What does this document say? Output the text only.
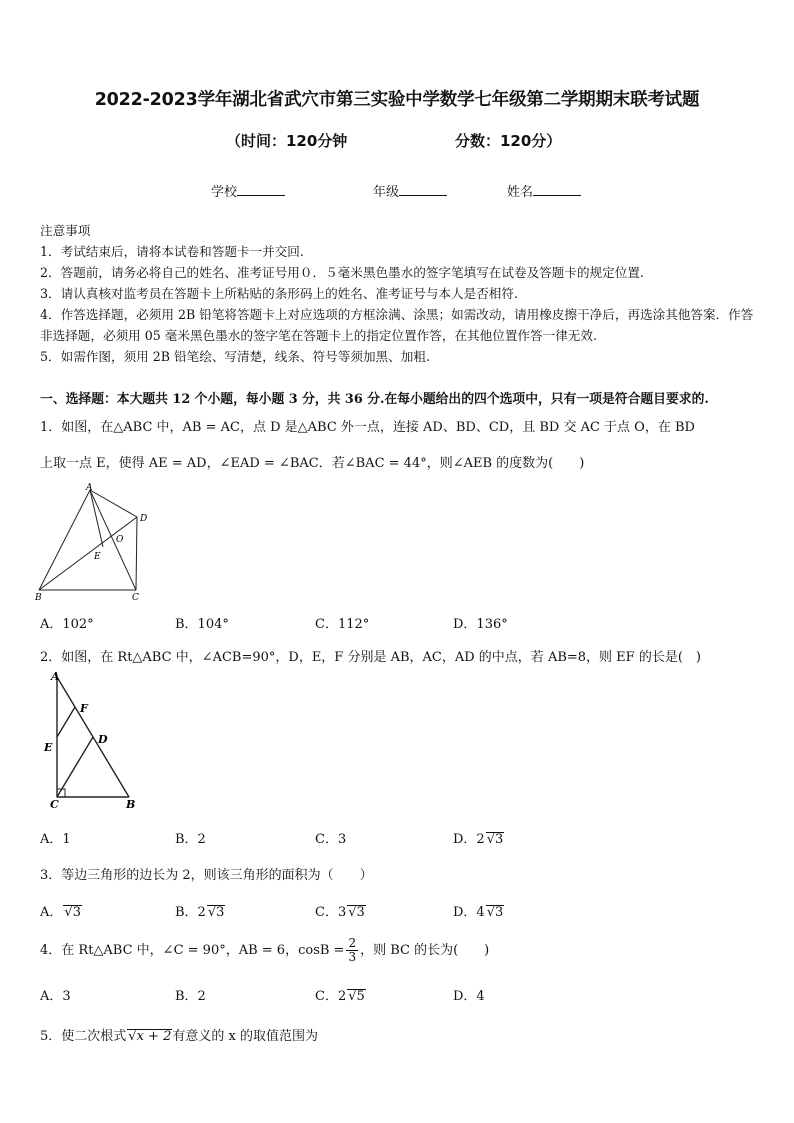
2022-2023学年湖北省武穴市第三实验中学数学七年级第二学期期末联考试题
（时间：120分钟	分数：120分）
学校	年级	姓名
注意事项
1．考试结束后，请将本试卷和答题卡一并交回.
2．答题前，请务必将自己的姓名、准考证号用０．５毫米黑色墨水的签字笔填写在试卷及答题卡的规定位置.
3．请认真核对监考员在答题卡上所粘贴的条形码上的姓名、准考证号与本人是否相符.
4．作答选择题，必须用 2B 铅笔将答题卡上对应选项的方框涂满、涂黑；如需改动，请用橡皮擦干净后，再选涂其他答案．作答非选择题，必须用 05 毫米黑色墨水的签字笔在答题卡上的指定位置作答，在其他位置作答一律无效.
5．如需作图，须用 2B 铅笔绘、写清楚，线条、符号等须加黑、加粗.
一、选择题：本大题共 12 个小题，每小题 3 分，共 36 分.在每小题给出的四个选项中，只有一项是符合题目要求的.
1．如图，在△ABC 中，AB = AC，点 D 是△ABC 外一点，连接 AD、BD、CD，且 BD 交 AC 于点 O，在 BD
上取一点 E，使得 AE = AD，∠EAD = ∠BAC．若∠BAC = 44°，则∠AEB 的度数为(　　)
A
D
O
E
B	C
A．102°	B．104°	C．112°	D．136°
2．如图，在 Rt△ABC 中，∠ACB=90°，D，E，F 分别是 AB，AC，AD 的中点，若 AB=8，则 EF 的长是(　)
A
F
D
E
C	B
A．1	B．2	C．3	D．2 √3
3．等边三角形的边长为 2，则该三角形的面积为（　　）
A． √3	B．2 √3	C．3 √3	D．4 √3
4．在 Rt△ABC 中，∠C = 90°，AB = 6，$\cos B = \frac{2}{3}$ ，则 BC 的长为(　　)
A．3	B．2	C．2 √5	D．4
5．使二次根式 √x + 2有意义的 x 的取值范围为
